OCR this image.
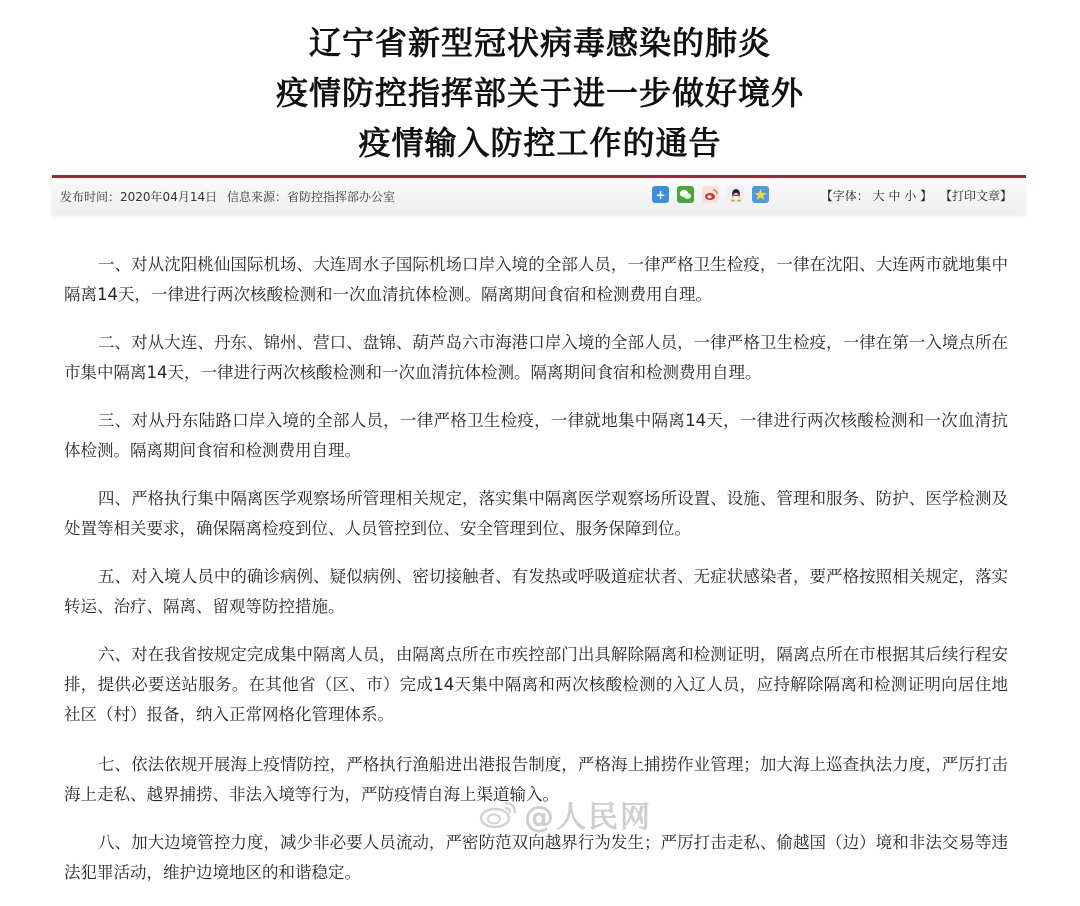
辽宁省新型冠状病毒感染的肺炎
疫情防控指挥部关于进一步做好境外
疫情输入防控工作的通告
发布时间：2020年04月14日 信息来源：省防控指挥部办公室	+	【字体： 大 中 小 】 【打印文章】

一、对从沈阳桃仙国际机场、大连周水子国际机场口岸入境的全部人员，一律严格卫生检疫，一律在沈阳、大连两市就地集中隔离14天，一律进行两次核酸检测和一次血清抗体检测。隔离期间食宿和检测费用自理。

二、对从大连、丹东、锦州、营口、盘锦、葫芦岛六市海港口岸入境的全部人员，一律严格卫生检疫，一律在第一入境点所在市集中隔离14天，一律进行两次核酸检测和一次血清抗体检测。隔离期间食宿和检测费用自理。

三、对从丹东陆路口岸入境的全部人员，一律严格卫生检疫，一律就地集中隔离14天，一律进行两次核酸检测和一次血清抗体检测。隔离期间食宿和检测费用自理。

四、严格执行集中隔离医学观察场所管理相关规定，落实集中隔离医学观察场所设置、设施、管理和服务、防护、医学检测及处置等相关要求，确保隔离检疫到位、人员管控到位、安全管理到位、服务保障到位。

五、对入境人员中的确诊病例、疑似病例、密切接触者、有发热或呼吸道症状者、无症状感染者，要严格按照相关规定，落实转运、治疗、隔离、留观等防控措施。

六、对在我省按规定完成集中隔离人员，由隔离点所在市疾控部门出具解除隔离和检测证明，隔离点所在市根据其后续行程安排，提供必要送站服务。在其他省（区、市）完成14天集中隔离和两次核酸检测的入辽人员，应持解除隔离和检测证明向居住地社区（村）报备，纳入正常网格化管理体系。

七、依法依规开展海上疫情防控，严格执行渔船进出港报告制度，严格海上捕捞作业管理；加大海上巡查执法力度，严厉打击海上走私、越界捕捞、非法入境等行为，严防疫情自海上渠道输入。

八、加大边境管控力度，减少非必要人员流动，严密防范双向越界行为发生；严厉打击走私、偷越国（边）境和非法交易等违法犯罪活动，维护边境地区的和谐稳定。

@人民网
